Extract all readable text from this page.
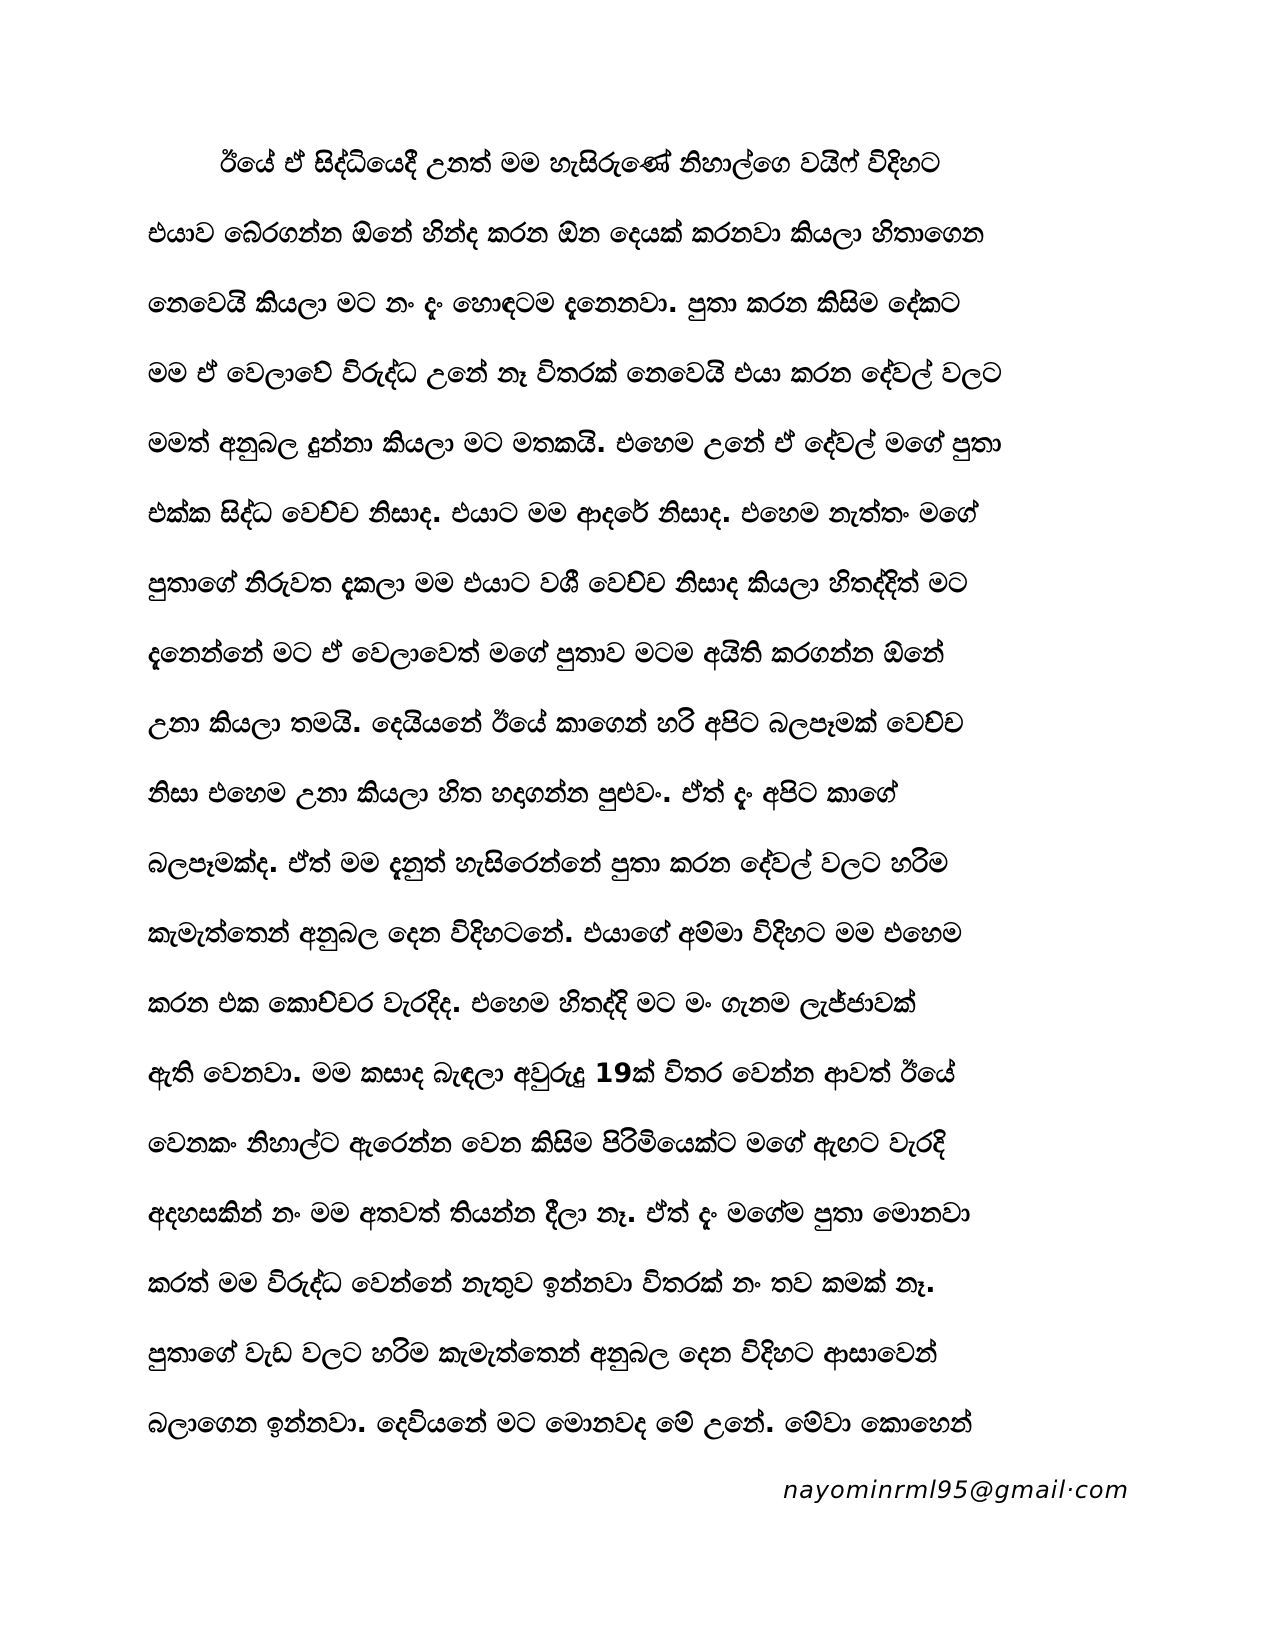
ඊයේ ඒ සිද්ධියෙදී උනත් මම හැසිරුණේ නිහාල්ගෙ වයිෆ් විදිහට
එයාව බේරගන්න ඕනේ හින්ද කරන ඕන දෙයක් කරනවා කියලා හිතාගෙන
නෙවෙයි කියලා මට නං දැං හොඳටම දැනෙනවා. පුතා කරන කිසිම දේකට
මම ඒ වෙලාවේ විරුද්ධ උනේ නෑ විතරක් නෙවෙයි එයා කරන දේවල් වලට
මමත් අනුබල දුන්නා කියලා මට මතකයි. එහෙම උනේ ඒ දේවල් මගේ පුතා
එක්ක සිද්ධ වෙච්ච නිසාද. එයාට මම ආදරේ නිසාද. එහෙම නැත්තං මගේ
පුතාගේ නිරුවත දැකලා මම එයාට වශී වෙච්ච නිසාද කියලා හිතද්දිත් මට
දැනෙන්නේ මට ඒ වෙලාවෙත් මගේ පුතාව මටම අයිති කරගන්න ඕනේ
උනා කියලා තමයි. දෙයියනේ ඊයේ කාගෙන් හරි අපිට බලපෑමක් වෙච්ච
නිසා එහෙම උනා කියලා හිත හදාගන්න පුළුවං. ඒත් දැං අපිට කාගේ
බලපෑමක්ද. ඒත් මම දැනුත් හැසිරෙන්නේ පුතා කරන දේවල් වලට හරිම
කැමැත්තෙන් අනුබල දෙන විදිහටනේ. එයාගේ අම්මා විදිහට මම එහෙම
කරන එක කොච්චර වැරදිද. එහෙම හිතද්දි මට මං ගැනම ලැජ්ජාවක්
ඇති වෙනවා. මම කසාද බැඳලා අවුරුදු 19ක් විතර වෙන්න ආවත් ඊයේ
වෙනකං නිහාල්ට ඇරෙන්න වෙන කිසිම පිරිමියෙක්ට මගේ ඇඟට වැරදි
අදහසකින් නං මම අතවත් තියන්න දීලා නෑ. ඒත් දැං මගේම පුතා මොනවා
කරත් මම විරුද්ධ වෙන්නේ නැතුව ඉන්නවා විතරක් නං තව කමක් නෑ.
පුතාගේ වැඩ වලට හරිම කැමැත්තෙන් අනුබල දෙන විදිහට ආසාවෙන්
බලාගෙන ඉන්නවා. දෙවියනේ මට මොනවද මේ උනේ. මේවා කොහෙන්
nayominrml95@gmail·com
